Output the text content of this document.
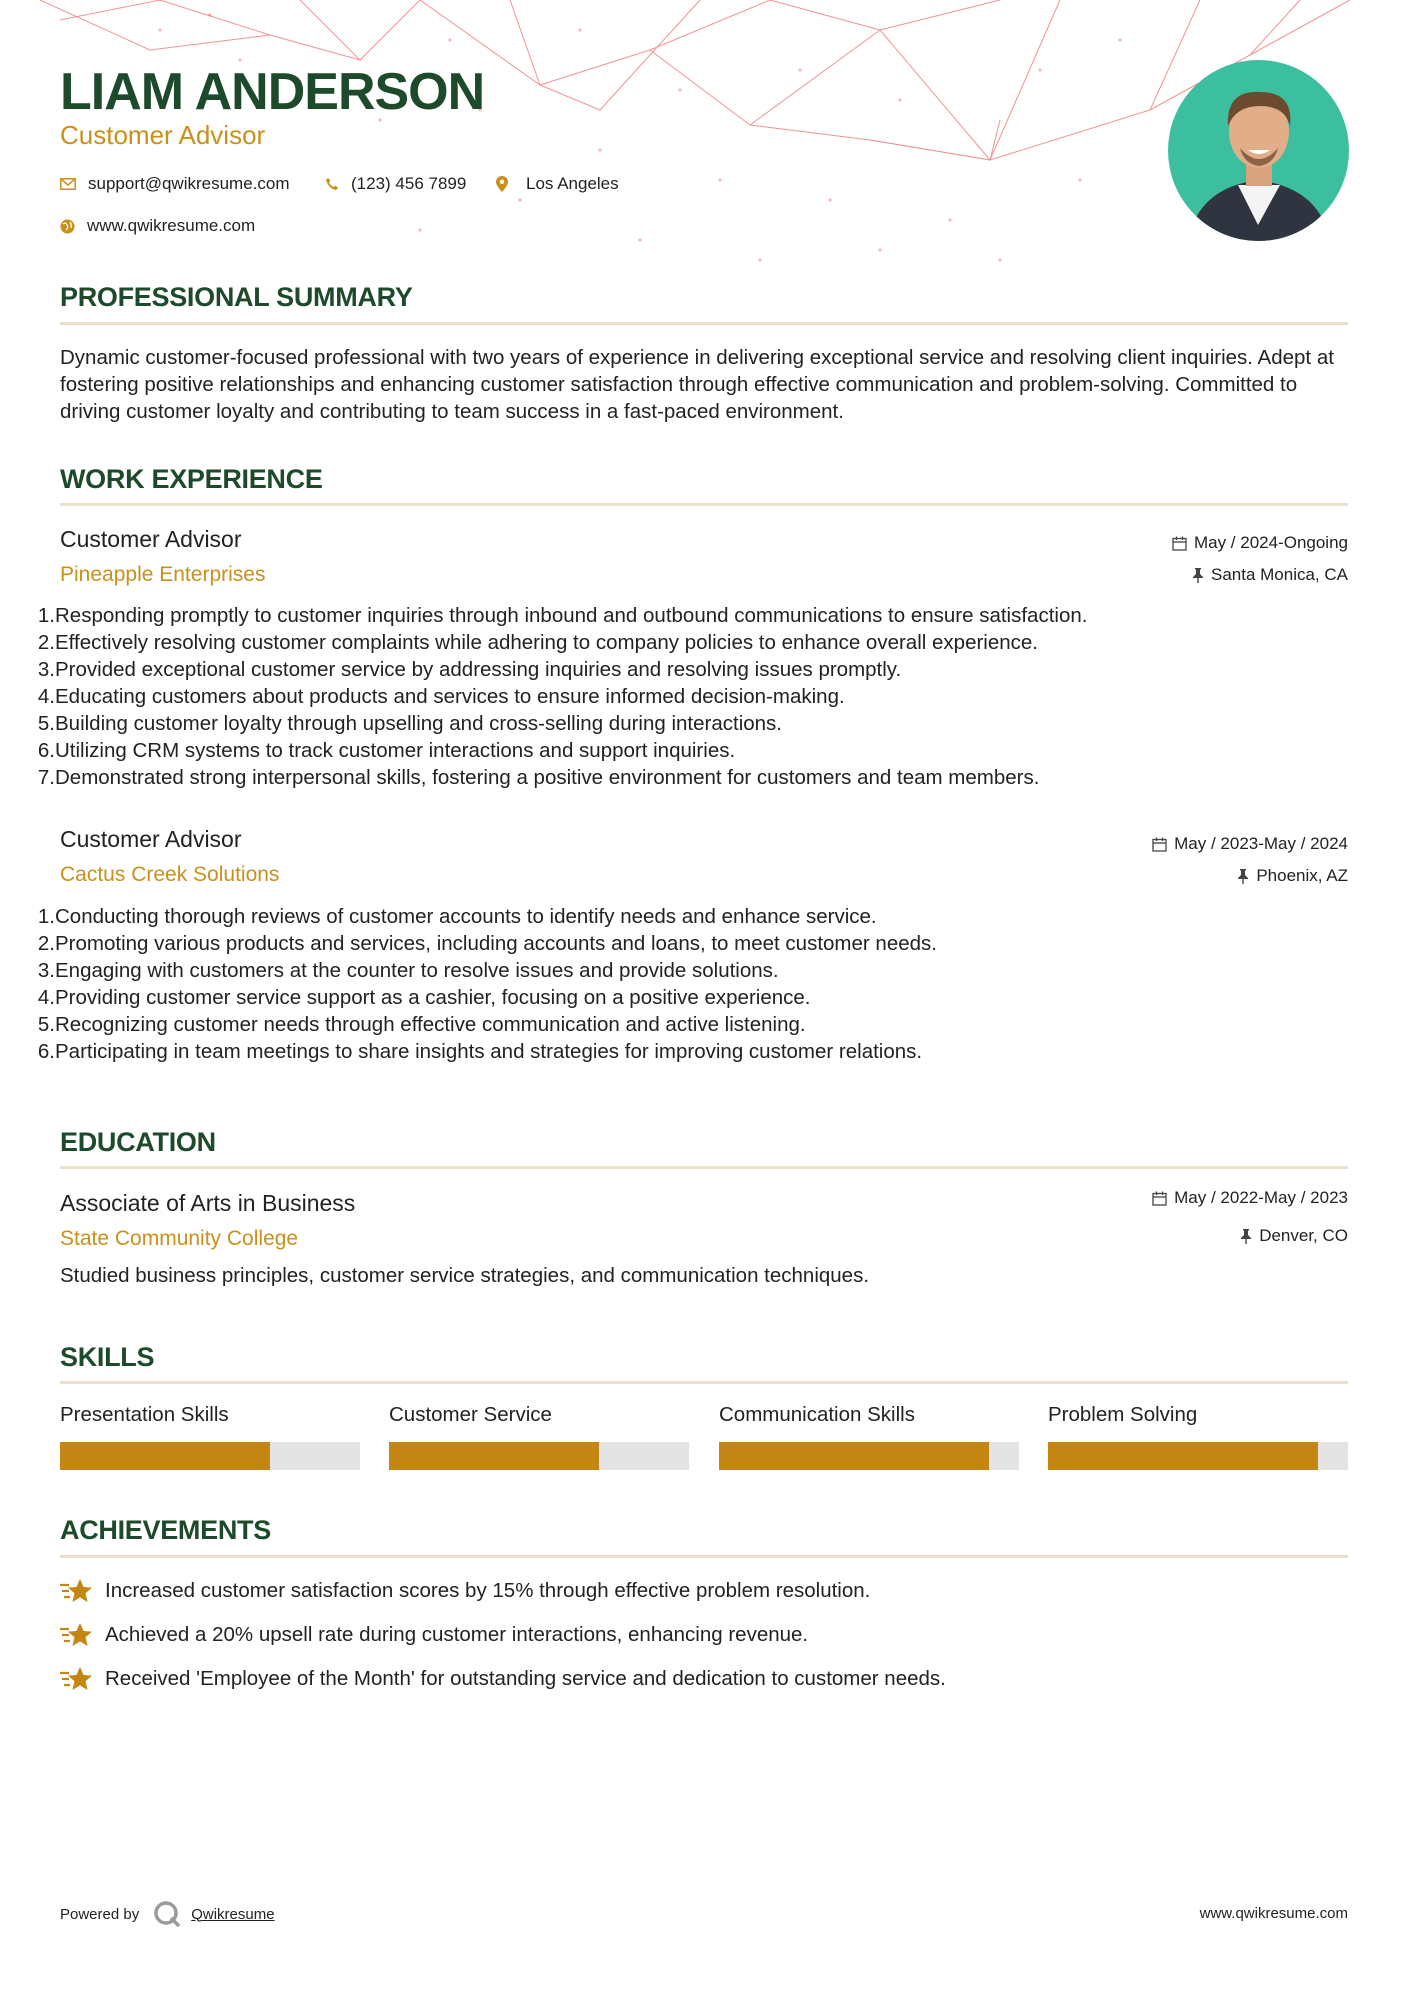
LIAM ANDERSON
Customer Advisor
support@qwikresume.com	(123) 456 7899	Los Angeles
www.qwikresume.com
PROFESSIONAL SUMMARY
Dynamic customer-focused professional with two years of experience in delivering exceptional service and resolving client inquiries. Adept at fostering positive relationships and enhancing customer satisfaction through effective communication and problem-solving. Committed to driving customer loyalty and contributing to team success in a fast-paced environment.
WORK EXPERIENCE
Customer Advisor
Pineapple Enterprises
May / 2024-Ongoing
Santa Monica, CA
1. Responding promptly to customer inquiries through inbound and outbound communications to ensure satisfaction.
2. Effectively resolving customer complaints while adhering to company policies to enhance overall experience.
3. Provided exceptional customer service by addressing inquiries and resolving issues promptly.
4. Educating customers about products and services to ensure informed decision-making.
5. Building customer loyalty through upselling and cross-selling during interactions.
6. Utilizing CRM systems to track customer interactions and support inquiries.
7. Demonstrated strong interpersonal skills, fostering a positive environment for customers and team members.
Customer Advisor
Cactus Creek Solutions
May / 2023-May / 2024
Phoenix, AZ
1. Conducting thorough reviews of customer accounts to identify needs and enhance service.
2. Promoting various products and services, including accounts and loans, to meet customer needs.
3. Engaging with customers at the counter to resolve issues and provide solutions.
4. Providing customer service support as a cashier, focusing on a positive experience.
5. Recognizing customer needs through effective communication and active listening.
6. Participating in team meetings to share insights and strategies for improving customer relations.
EDUCATION
Associate of Arts in Business
State Community College
May / 2022-May / 2023
Denver, CO
Studied business principles, customer service strategies, and communication techniques.
SKILLS
Presentation Skills	Customer Service	Communication Skills	Problem Solving
ACHIEVEMENTS
Increased customer satisfaction scores by 15% through effective problem resolution.
Achieved a 20% upsell rate during customer interactions, enhancing revenue.
Received 'Employee of the Month' for outstanding service and dedication to customer needs.
Powered by	Qwikresume	www.qwikresume.com
